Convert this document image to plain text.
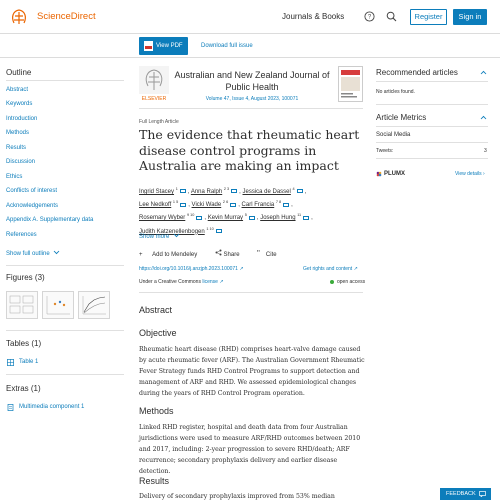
ScienceDirect	Journals & Books	?	Register	Sign in
View PDF	Download full issue
Outline
Abstract
Keywords
Introduction
Methods
Results
Discussion
Ethics
Conflicts of interest
Acknowledgements
Appendix A. Supplementary data
References
Show full outline
Figures (3)
Tables (1)
Table 1
Extras (1)
Multimedia component 1
ELSEVIER
Australian and New Zealand Journal of
Public Health
Volume 47, Issue 4, August 2023, 100071
Full Length Article
The evidence that rheumatic heart disease control programs in Australia are making an impact
Ingrid Stacey $^1$ , Anna Ralph $^{2 3}$ , Jessica de Dassel $^4$ ,
Lee Nedkoff $^{1 5}$ , Vicki Wade $^{2 6}$ , Carl Francia $^{7 8}$ ,
Rosemary Wyber $^{9 10}$ , Kevin Murray $^5$ , Joseph Hung $^{11}$ ,
Judith Katzenellenbogen $^{1 10}$
Show more
+ Add to Mendeley	Share " Cite
https://doi.org/10.1016/j.anzjph.2023.100071 ↗	Get rights and content ↗
Under a Creative Commons license ↗	open access
Abstract
Objective

Rheumatic heart disease (RHD) comprises heart-valve damage caused by acute rheumatic fever (ARF). The Australian Government Rheumatic Fever Strategy funds RHD Control Programs to support detection and management of ARF and RHD. We assessed epidemiological changes during the years of RHD Control Program operation.

Methods

Linked RHD register, hospital and death data from four Australian jurisdictions were used to measure ARF/RHD outcomes between 2010 and 2017, including: 2-year progression to severe RHD/death; ARF recurrence; secondary prophylaxis delivery and earlier disease detection.

Results

Delivery of secondary prophylaxis improved from 53% median

Recommended articles
No articles found.
Article Metrics
Social Media
Tweets:	3
PLUMX	View details ›
FEEDBACK
